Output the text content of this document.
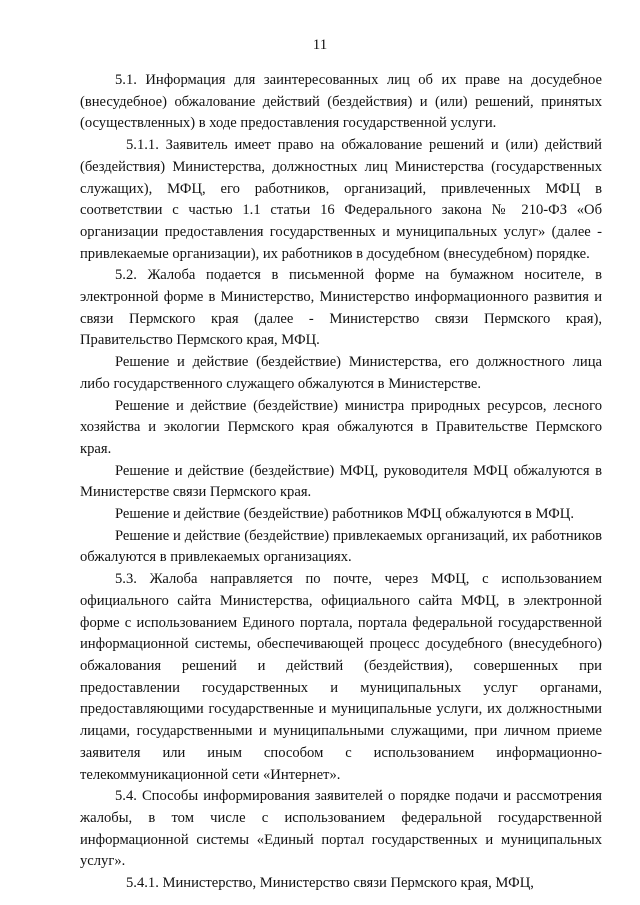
11

5.1. Информация для заинтересованных лиц об их праве на досудебное (внесудебное) обжалование действий (бездействия) и (или) решений, принятых (осуществленных) в ходе предоставления государственной услуги.

5.1.1. Заявитель имеет право на обжалование решений и (или) действий (бездействия) Министерства, должностных лиц Министерства (государственных служащих), МФЦ, его работников, организаций, привлеченных МФЦ в соответствии с частью 1.1 статьи 16 Федерального закона № 210-ФЗ «Об организации предоставления государственных и муниципальных услуг» (далее - привлекаемые организации), их работников в досудебном (внесудебном) порядке.

5.2. Жалоба подается в письменной форме на бумажном носителе, в электронной форме в Министерство, Министерство информационного развития и связи Пермского края (далее - Министерство связи Пермского края), Правительство Пермского края, МФЦ.

Решение и действие (бездействие) Министерства, его должностного лица либо государственного служащего обжалуются в Министерстве.

Решение и действие (бездействие) министра природных ресурсов, лесного хозяйства и экологии Пермского края обжалуются в Правительстве Пермского края.

Решение и действие (бездействие) МФЦ, руководителя МФЦ обжалуются в Министерстве связи Пермского края.

Решение и действие (бездействие) работников МФЦ обжалуются в МФЦ.

Решение и действие (бездействие) привлекаемых организаций, их работников обжалуются в привлекаемых организациях.

5.3. Жалоба направляется по почте, через МФЦ, с использованием официального сайта Министерства, официального сайта МФЦ, в электронной форме с использованием Единого портала, портала федеральной государственной информационной системы, обеспечивающей процесс досудебного (внесудебного) обжалования решений и действий (бездействия), совершенных при предоставлении государственных и муниципальных услуг органами, предоставляющими государственные и муниципальные услуги, их должностными лицами, государственными и муниципальными служащими, при личном приеме заявителя или иным способом с использованием информационно-телекоммуникационной сети «Интернет».

5.4. Способы информирования заявителей о порядке подачи и рассмотрения жалобы, в том числе с использованием федеральной государственной информационной системы «Единый портал государственных и муниципальных услуг».

5.4.1. Министерство, Министерство связи Пермского края, МФЦ,
